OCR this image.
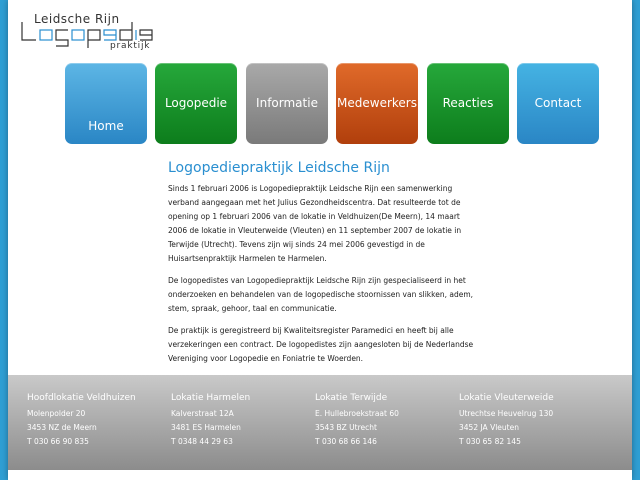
Leidsche Rijn
praktijk
Home
Logopedie	Informatie	Medewerkers	Reacties	Contact
Logopediepraktijk Leidsche Rijn

Sinds 1 februari 2006 is Logopediepraktijk Leidsche Rijn een samenwerking verband aangegaan met het Julius Gezondheidscentra. Dat resulteerde tot de opening op 1 februari 2006 van de lokatie in Veldhuizen(De Meern), 14 maart 2006 de lokatie in Vleuterweide (Vleuten) en 11 september 2007 de lokatie in Terwijde (Utrecht). Tevens zijn wij sinds 24 mei 2006 gevestigd in de Huisartsenpraktijk Harmelen te Harmelen.

De logopedistes van Logopediepraktijk Leidsche Rijn zijn gespecialiseerd in het onderzoeken en behandelen van de logopedische stoornissen van slikken, adem, stem, spraak, gehoor, taal en communicatie.

De praktijk is geregistreerd bij Kwaliteitsregister Paramedici en heeft bij alle verzekeringen een contract. De logopedistes zijn aangesloten bij de Nederlandse Vereniging voor Logopedie en Foniatrie te Woerden.

Hoofdlokatie Veldhuizen
Molenpolder 20
3453 NZ de Meern
T 030 66 90 835
Lokatie Harmelen
Kalverstraat 12A
3481 ES Harmelen
T 0348 44 29 63
Lokatie Terwijde
E. Hullebroekstraat 60
3543 BZ Utrecht
T 030 68 66 146
Lokatie Vleuterweide
Utrechtse Heuvelrug 130
3452 JA Vleuten
T 030 65 82 145
